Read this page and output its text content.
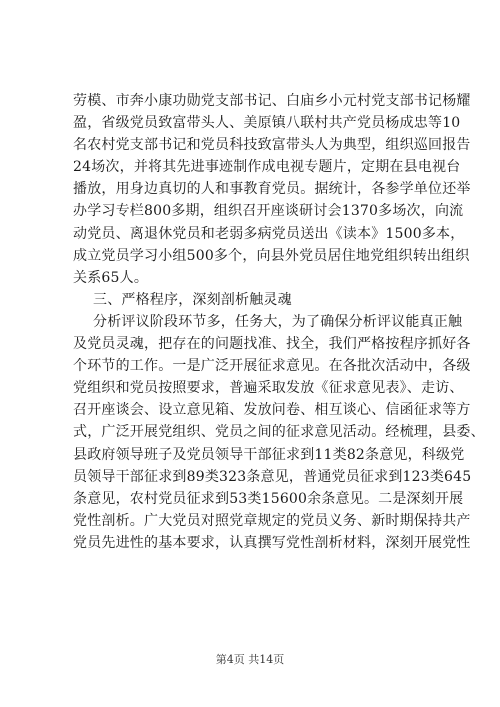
劳模、市奔小康功勋党支部书记、白庙乡小元村党支部书记杨耀
盈，省级党员致富带头人、美原镇八联村共产党员杨成忠等10
名农村党支部书记和党员科技致富带头人为典型，组织巡回报告
24场次，并将其先进事迹制作成电视专题片，定期在县电视台
播放，用身边真切的人和事教育党员。据统计，各参学单位还举
办学习专栏800多期，组织召开座谈研讨会1370多场次，向流
动党员、离退休党员和老弱多病党员送出《读本》1500多本，
成立党员学习小组500多个，向县外党员居住地党组织转出组织
关系65人。
三、严格程序，深刻剖析触灵魂
分析评议阶段环节多，任务大，为了确保分析评议能真正触
及党员灵魂，把存在的问题找准、找全，我们严格按程序抓好各
个环节的工作。一是广泛开展征求意见。在各批次活动中，各级
党组织和党员按照要求，普遍采取发放《征求意见表》、走访、
召开座谈会、设立意见箱、发放问卷、相互谈心、信函征求等方
式，广泛开展党组织、党员之间的征求意见活动。经梳理，县委、
县政府领导班子及党员领导干部征求到11类82条意见，科级党
员领导干部征求到89类323条意见，普通党员征求到123类645
条意见，农村党员征求到53类15600余条意见。二是深刻开展
党性剖析。广大党员对照党章规定的党员义务、新时期保持共产
党员先进性的基本要求，认真撰写党性剖析材料，深刻开展党性
第4页 共14页
